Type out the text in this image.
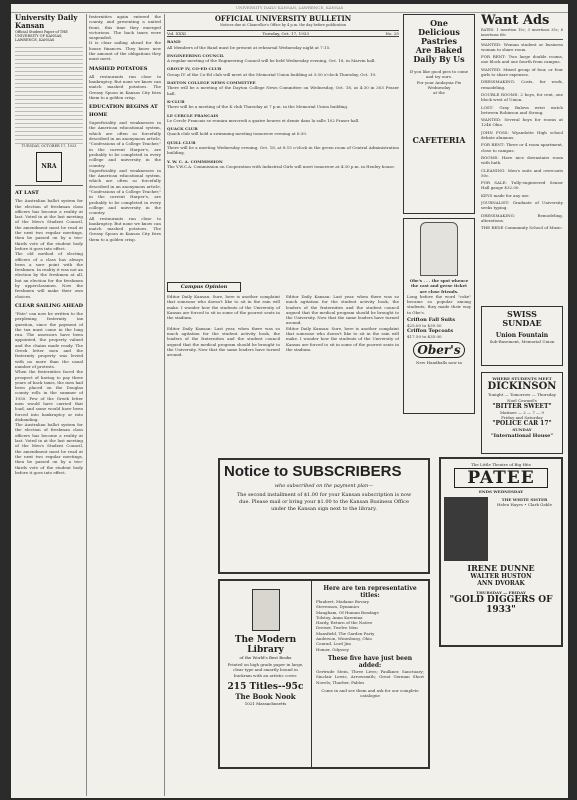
UNIVERSITY DAILY KANSAN, LAWRENCE, KANSAS
University Daily Kansan
Official Student Paper of THE UNIVERSITY OF KANSAS, LAWRENCE, KANSAS
TUESDAY, OCTOBER 17, 1933
NRA
AT LAST

The Australian ballot system for the election of freshman class officers has become a reality at last. Voted in at the last meeting of the Men's Student Council, the amendment must be read at the next two regular meetings, then be passed on by a two-thirds vote of the student body before it goes into effect.

The old method of electing officers of a class has always been a sore point with the freshmen. In reality it was not an election by the freshmen at all, but an election for the freshmen by upperclassmen. Now the freshmen will make their own choices.

CLEAR SAILING AHEAD

"Fate" can now be written to the perplexing fraternity tax question, since the payment of the tax must come in the long run. The assessors have been appointed, the property valued and the chains made ready. The Greek letter men and the fraternity property was levied with no more than the usual number of protests.

When the fraternities faced the prospect of having to pay three years of back taxes, the men had been placed on the Douglas county rolls in the summer of 1930. Few of the Greek letter men would have carried that load, and some would have been forced into bankruptcy or into disbanding.

The Australian ballot system for the election of freshman class officers has become a reality at last. Voted in at the last meeting of the Men's Student Council, the amendment must be read at the next two regular meetings, then be passed on by a two-thirds vote of the student body before it goes into effect.

fraternities again entered the county, and presenting a united front, this time they emerged victorious. The back taxes were suspended.

It is clear sailing ahead for the house finances. They know now the amount of the obligations they must meet.

MASHED POTATOES

All restaurants run close to bankruptcy. But none we know can match mashed potatoes. The Greasy Spoon in Kansas City fries them to a golden crisp.

EDUCATION BEGINS AT HOME

Superficiality and weaknesses in the American educational system, which are often so forcefully described in an anonymous article, "Confessions of a College Teacher," in the current Harper's, are probably to be completed in every college and university in the country.

Superficiality and weaknesses in the American educational system, which are often so forcefully described in an anonymous article, "Confessions of a College Teacher," in the current Harper's, are probably to be completed in every college and university in the country.

All restaurants run close to bankruptcy. But none we know can match mashed potatoes. The Greasy Spoon in Kansas City fries them to a golden crisp.

OFFICIAL UNIVERSITY BULLETIN
Notices due at Chancellor's Office by 4 p.m. the day before publication
Vol. XXXI	Tuesday, Oct. 17, 1933	No. 25
BAND

All Members of the Band must be present at rehearsal Wednesday night at 7:15.

ENGINEERING COUNCIL

A regular meeting of the Engineering Council will be held Wednesday evening, Oct. 18, in Marvin hall.

GROUP IV, CO-ED CLUB

Group IV of the Co-Ed club will meet at the Memorial Union building at 3:30 o'clock Thursday, Oct. 19.

DAYTON COLLEGE NEWS COMMITTEE

There will be a meeting of the Dayton College News Committee on Wednesday, Oct. 18, at 4:30 in 303 Fraser hall.

K-CLUB

There will be a meeting of the K club Thursday at 7 p.m. in the Memorial Union building.

LE CERCLE FRANCAIS

Le Cercle Francais se reunira mercredi a quatre heures et demie dans la salle 102 Fraser hall.

QUACK CLUB

Quack club will hold a swimming meeting tomorrow evening at 6:30.

QUILL CLUB

There will be a meeting Wednesday evening, Oct. 18, at 8:15 o'clock in the green room of Central Administration building.

Y. W. C. A. COMMISSION

The Y.W.C.A. Commission on Cooperation with Industrial Girls will meet tomorrow at 4:30 p.m. in Henley house.

Campus Opinion

Editor Daily Kansan: Sure, here is another complaint that someone who doesn't like to sit in the rain will make. I wonder how the students of the University of Kansas are forced to sit in some of the poorest seats in the stadium.

Editor Daily Kansan: Last year, when there was so much agitation for the student activity book, the leaders of the fraternities and the student council argued that the medical program should be brought to the University. Now that the same leaders have turned around.

Editor Daily Kansan: Last year, when there was so much agitation for the student activity book, the leaders of the fraternities and the student council argued that the medical program should be brought to the University. Now that the same leaders have turned around.

Editor Daily Kansan: Sure, here is another complaint that someone who doesn't like to sit in the rain will make. I wonder how the students of the University of Kansas are forced to sit in some of the poorest seats in the stadium.

Notice to SUBSCRIBERS
who subscribed on the payment plan—
The second installment of $1.00 for your Kansan subscription is now due. Please mail or bring your $1.00 to the Kansan Business Office under the Kansan sign next to the library.
The Modern Library
of the World's Best Books
Printed on high grade paper in large, clear type and smartly bound in buckram with an artistic cover.
215 Titles--95c
The Book Nook
1021 Massachusetts
Here are ten representative titles:
Flaubert, Madame Bovary
Stevenson, Dynamics
Maugham, Of Human Bondage
Tolstoy, Anna Karenina
Hardy, Return of the Native
Dreiser, Twelve Men
Mansfield, The Garden Party
Anderson, Winesburg, Ohio
Conrad, Lord Jim
Homer, Odyssey
These five have just been added:
Gertrude Stein, Three Lives; Faulkner, Sanctuary; Sinclair Lewis, Arrowsmith; Great German Short Novels; Thurber, Fables
Come in and see them and ask for our complete catalogue
One Delicious Pastries
Are Baked Daily By Us
If you like good pies to come and try ours.
For your Andaysia Pie Wednesday
at the
CAFETERIA
Obe's . . . the spot whence the cast and geese ticket are close friends.
Long before the word "coke" became so popular among students, they made their way to Obe's.
Crifton Fall Suits
$25.00 to $39.50
Criffon Topcoats
$17.50 to $35.00
Ober's
New Handballs now in
The Little Theatre of Big Hits
PATEE
ENDS WEDNESDAY
THE WHITE SISTER
Helen Hayes • Clark Gable
IRENE DUNNE
WALTER HUSTON
ANN DVORAK
THURSDAY — FRIDAY
"GOLD DIGGERS OF 1933"
Want Ads
RATES: 1 insertion 15c; 3 insertions 35c; 6 insertions 60c

WANTED: Woman student or business woman to share room.

FOR RENT: Two large double rooms, one block and one fourth from campus.

WANTED: Mixed group of four, or four girls to share expenses.

DRESSMAKING: Costs, fur work, remodeling.

DOUBLE ROOMS: 2 boys, for rent, one block west of Union.

LOST: Gray Bulova wrist watch between Robinson and Strong.

WANTED: Several boys for rooms at 1246 Ohio.

JOHN FOSS: Wyandotte High school debate alumnus.

FOR RENT: Three or 4 room apartment, close to campus.

ROOMS: Have nice downstairs room with bath.

CLEANING: Men's suits and overcoats 50c.

FOR SALE: Tully-engineered Senior Hall gauge $32.00.

KEYS made for any use.

JOURNALIST: Graduate of University seeks typing.

DRESSMAKING: Remodeling, alterations.

THE REDE Community School of Music.

SWISS
SUNDAE
Union Fountain
Sub-Basement, Memorial Union
WHERE STUDENTS MEET
DICKINSON
Tonight — Tomorrow — Thursday
Noel Coward's
"BITTER SWEET"
Matinee — 2 — 7 — 9
Friday and Saturday
"POLICE CAR 17"
SUNDAY
"International House"
